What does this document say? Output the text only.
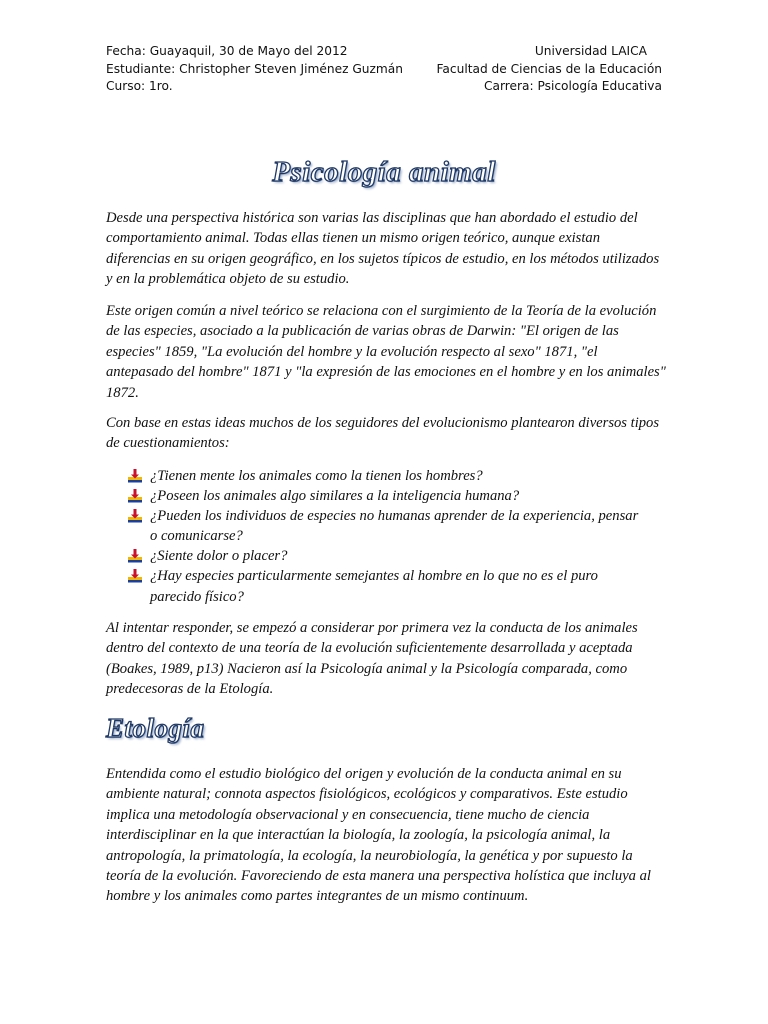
Fecha: Guayaquil, 30 de Mayo del 2012
Estudiante: Christopher Steven Jiménez Guzmán
Curso: 1ro.
Universidad LAICA
Facultad de Ciencias de la Educación
Carrera: Psicología Educativa
Psicología animal

Desde una perspectiva histórica son varias las disciplinas que han abordado el estudio del comportamiento animal. Todas ellas tienen un mismo origen teórico, aunque existan diferencias en su origen geográfico, en los sujetos típicos de estudio, en los métodos utilizados y en la problemática objeto de su estudio.

Este origen común a nivel teórico se relaciona con el surgimiento de la Teoría de la evolución de las especies, asociado a la publicación de varias obras de Darwin: "El origen de las especies" 1859, "La evolución del hombre y la evolución respecto al sexo" 1871, "el antepasado del hombre" 1871 y "la expresión de las emociones en el hombre y en los animales" 1872.

Con base en estas ideas muchos de los seguidores del evolucionismo plantearon diversos tipos de cuestionamientos:

¿Tienen mente los animales como la tienen los hombres?
¿Poseen los animales algo similares a la inteligencia humana?
¿Pueden los individuos de especies no humanas aprender de la experiencia, pensar o comunicarse?
¿Siente dolor o placer?
¿Hay especies particularmente semejantes al hombre en lo que no es el puro parecido físico?

Al intentar responder, se empezó a considerar por primera vez la conducta de los animales dentro del contexto de una teoría de la evolución suficientemente desarrollada y aceptada (Boakes, 1989, p13) Nacieron así la Psicología animal y la Psicología comparada, como predecesoras de la Etología.

Etología

Entendida como el estudio biológico del origen y evolución de la conducta animal en su ambiente natural; connota aspectos fisiológicos, ecológicos y comparativos. Este estudio implica una metodología observacional y en consecuencia, tiene mucho de ciencia interdisciplinar en la que interactúan la biología, la zoología, la psicología animal, la antropología, la primatología, la ecología, la neurobiología, la genética y por supuesto la teoría de la evolución. Favoreciendo de esta manera una perspectiva holística que incluya al hombre y los animales como partes integrantes de un mismo continuum.
